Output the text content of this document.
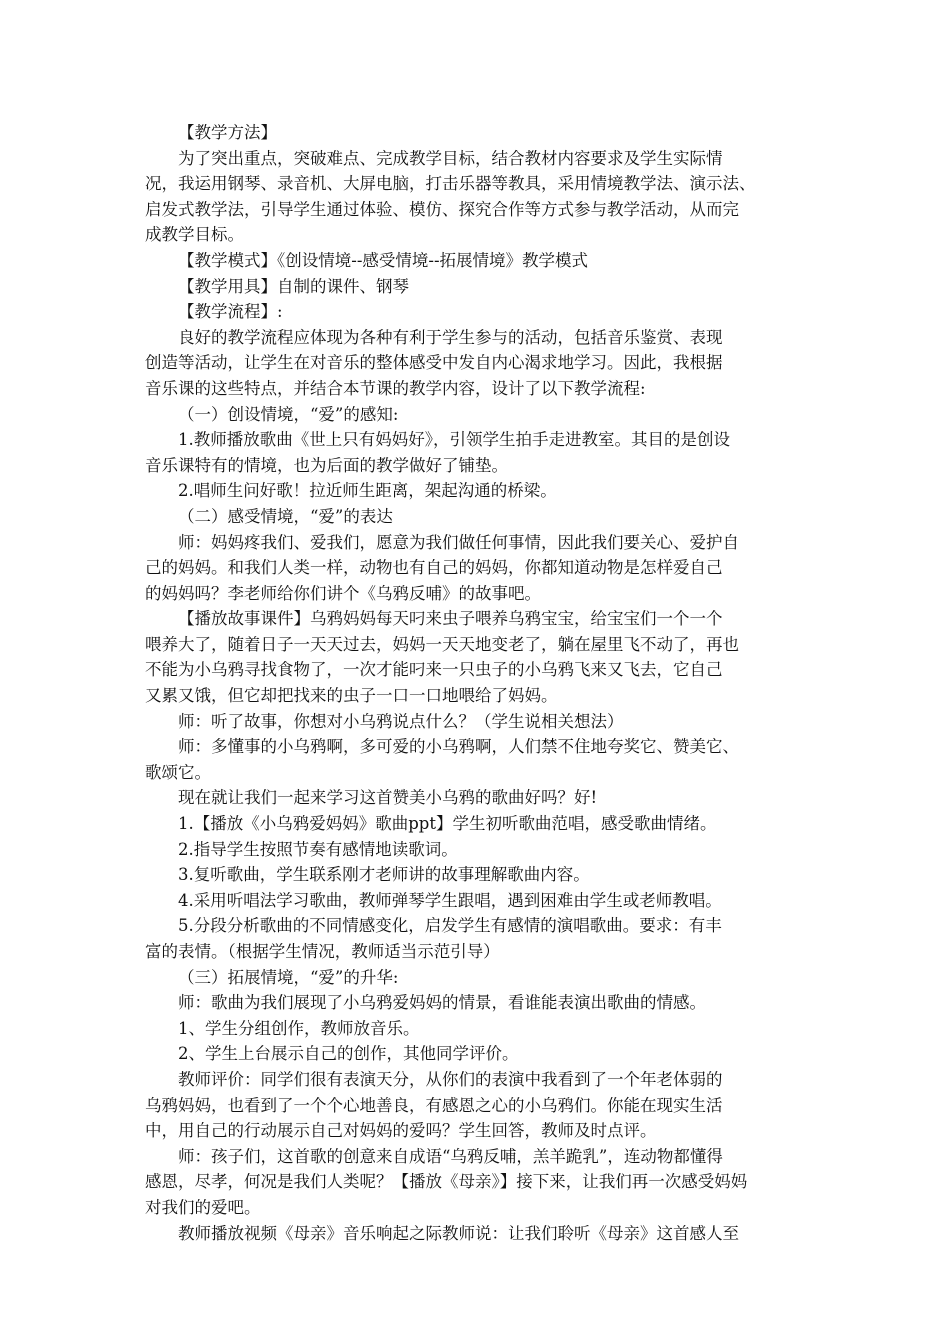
【教学方法】
为了突出重点，突破难点、完成教学目标，结合教材内容要求及学生实际情
况，我运用钢琴、录音机、大屏电脑，打击乐器等教具，采用情境教学法、演示法、
启发式教学法，引导学生通过体验、模仿、探究合作等方式参与教学活动，从而完
成教学目标。
【教学模式】《创设情境--感受情境--拓展情境》教学模式
【教学用具】自制的课件、钢琴
【教学流程】:
良好的教学流程应体现为各种有利于学生参与的活动，包括音乐鉴赏、表现
创造等活动，让学生在对音乐的整体感受中发自内心渴求地学习。因此，我根据
音乐课的这些特点，并结合本节课的教学内容，设计了以下教学流程:
（一）创设情境，“爱”的感知:
1.教师播放歌曲《世上只有妈妈好》，引领学生拍手走进教室。其目的是创设
音乐课特有的情境，也为后面的教学做好了铺垫。
2.唱师生问好歌！拉近师生距离，架起沟通的桥梁。
（二）感受情境，“爱”的表达
师：妈妈疼我们、爱我们，愿意为我们做任何事情，因此我们要关心、爱护自
己的妈妈。和我们人类一样，动物也有自己的妈妈，你都知道动物是怎样爱自己
的妈妈吗？李老师给你们讲个《乌鸦反哺》的故事吧。
【播放故事课件】乌鸦妈妈每天叼来虫子喂养乌鸦宝宝，给宝宝们一个一个
喂养大了，随着日子一天天过去，妈妈一天天地变老了，躺在屋里飞不动了，再也
不能为小乌鸦寻找食物了，一次才能叼来一只虫子的小乌鸦飞来又飞去，它自己
又累又饿，但它却把找来的虫子一口一口地喂给了妈妈。
师：听了故事，你想对小乌鸦说点什么？（学生说相关想法）
师：多懂事的小乌鸦啊，多可爱的小乌鸦啊，人们禁不住地夸奖它、赞美它、
歌颂它。
现在就让我们一起来学习这首赞美小乌鸦的歌曲好吗？好!
1.【播放《小乌鸦爱妈妈》歌曲ppt】学生初听歌曲范唱，感受歌曲情绪。
2.指导学生按照节奏有感情地读歌词。
3.复听歌曲，学生联系刚才老师讲的故事理解歌曲内容。
4.采用听唱法学习歌曲，教师弹琴学生跟唱，遇到困难由学生或老师教唱。
5.分段分析歌曲的不同情感变化，启发学生有感情的演唱歌曲。要求：有丰
富的表情。（根据学生情况，教师适当示范引导）
（三）拓展情境，“爱”的升华:
师：歌曲为我们展现了小乌鸦爱妈妈的情景，看谁能表演出歌曲的情感。
1、学生分组创作，教师放音乐。
2、学生上台展示自己的创作，其他同学评价。
教师评价：同学们很有表演天分，从你们的表演中我看到了一个年老体弱的
乌鸦妈妈，也看到了一个个心地善良，有感恩之心的小乌鸦们。你能在现实生活
中，用自己的行动展示自己对妈妈的爱吗？学生回答，教师及时点评。
师：孩子们，这首歌的创意来自成语“乌鸦反哺，羔羊跪乳”，连动物都懂得
感恩，尽孝，何况是我们人类呢？【播放《母亲》】接下来，让我们再一次感受妈妈
对我们的爱吧。
教师播放视频《母亲》音乐响起之际教师说：让我们聆听《母亲》这首感人至
